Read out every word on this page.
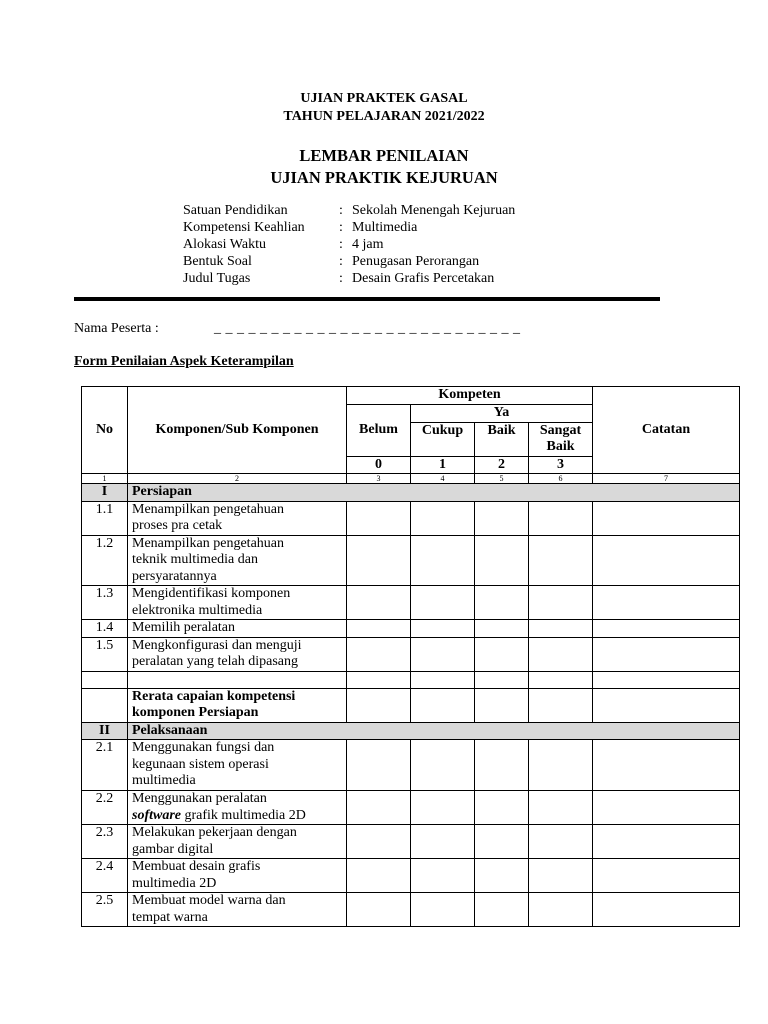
UJIAN PRAKTEK GASAL
TAHUN PELAJARAN 2021/2022
LEMBAR PENILAIAN
UJIAN PRAKTIK KEJURUAN
Satuan Pendidikan	: Sekolah Menengah Kejuruan
Kompetensi Keahlian	: Multimedia
Alokasi Waktu	: 4 jam
Bentuk Soal	: Penugasan Perorangan
Judul Tugas	: Desain Grafis Percetakan
Nama Peserta :	_ _ _ _ _ _ _ _ _ _ _ _ _ _ _ _ _ _ _ _ _ _ _ _ _ _ _
Form Penilaian Aspek Keterampilan
No	Komponen/Sub Komponen	Kompeten				Catatan
		Belum	Ya			
			Cukup	Baik	Sangat
Baik	

		0	1	2	3	
1	2	3	4	5	6	7
I	Persiapan					
1.1	Menampilkan pengetahuan
proses pra cetak					

1.2	Menampilkan pengetahuan
teknik multimedia dan
persyaratannya					

1.3	Mengidentifikasi komponen
elektronika multimedia					

1.4	Memilih peralatan					

1.5	Mengkonfigurasi dan menguji
peralatan yang telah dipasang					

	Rerata capaian kompetensi
komponen Persiapan					

II	Pelaksanaan					
2.1	Menggunakan fungsi dan
kegunaan sistem operasi
multimedia					

2.2	Menggunakan peralatan
software grafik multimedia 2D					

2.3	Melakukan pekerjaan dengan
gambar digital					

2.4	Membuat desain grafis
multimedia 2D					

2.5	Membuat model warna dan
tempat warna					
